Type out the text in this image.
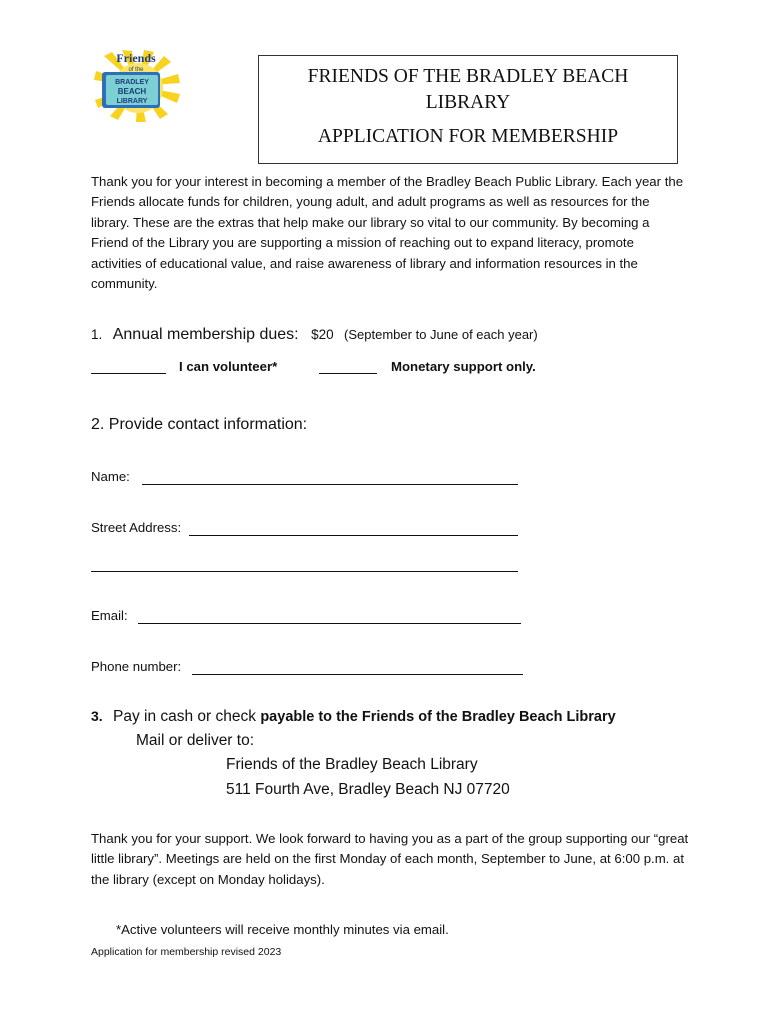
Friends
of the
BRADLEY
BEACH
LIBRARY
FRIENDS OF THE BRADLEY BEACH LIBRARY
APPLICATION FOR MEMBERSHIP
Thank you for your interest in becoming a member of the Bradley Beach Public Library. Each year the Friends allocate funds for children, young adult, and adult programs as well as resources for the library. These are the extras that help make our library so vital to our community. By becoming a Friend of the Library you are supporting a mission of reaching out to expand literacy, promote activities of educational value, and raise awareness of library and information resources in the community.
1. Annual membership dues: $20 (September to June of each year)
I can volunteer*	Monetary support only.
2. Provide contact information:
Name:
Street Address:
Email:
Phone number:
3. Pay in cash or check payable to the Friends of the Bradley Beach Library
Mail or deliver to:
Friends of the Bradley Beach Library
511 Fourth Ave, Bradley Beach NJ 07720
Thank you for your support. We look forward to having you as a part of the group supporting our “great little library”. Meetings are held on the first Monday of each month, September to June, at 6:00 p.m. at the library (except on Monday holidays).
*Active volunteers will receive monthly minutes via email.
Application for membership revised 2023
